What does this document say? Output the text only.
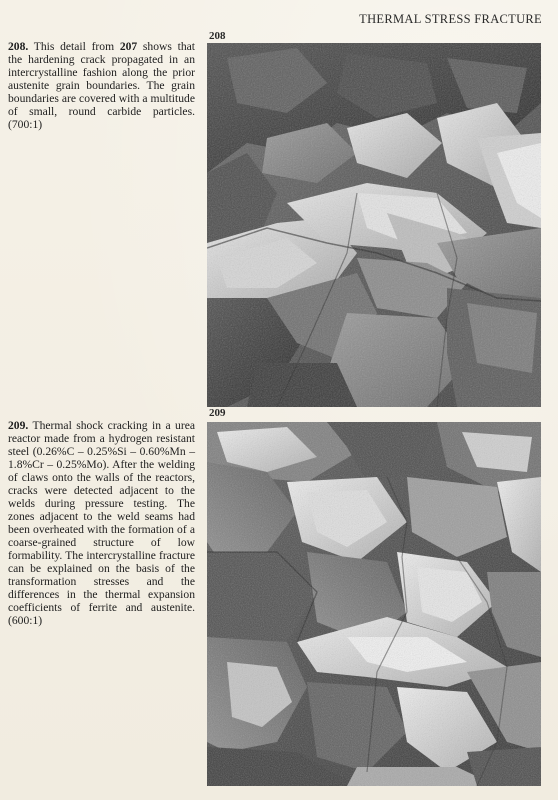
THERMAL STRESS FRACTURE
208

208. This detail from 207 shows that the hardening crack propagated in an intercrystalline fashion along the prior austenite grain boundaries. The grain boundaries are covered with a multitude of small, round carbide particles. (700:1)

209

209. Thermal shock cracking in a urea reactor made from a hydrogen resistant steel (0.26%C – 0.25%Si – 0.60%Mn – 1.8%Cr – 0.25%Mo). After the welding of claws onto the walls of the reactors, cracks were detected adjacent to the welds during pressure testing. The zones adjacent to the weld seams had been overheated with the formation of a coarse-grained structure of low formability. The intercrystalline fracture can be explained on the basis of the transformation stresses and the differences in the thermal expansion coefficients of ferrite and austenite. (600:1)
